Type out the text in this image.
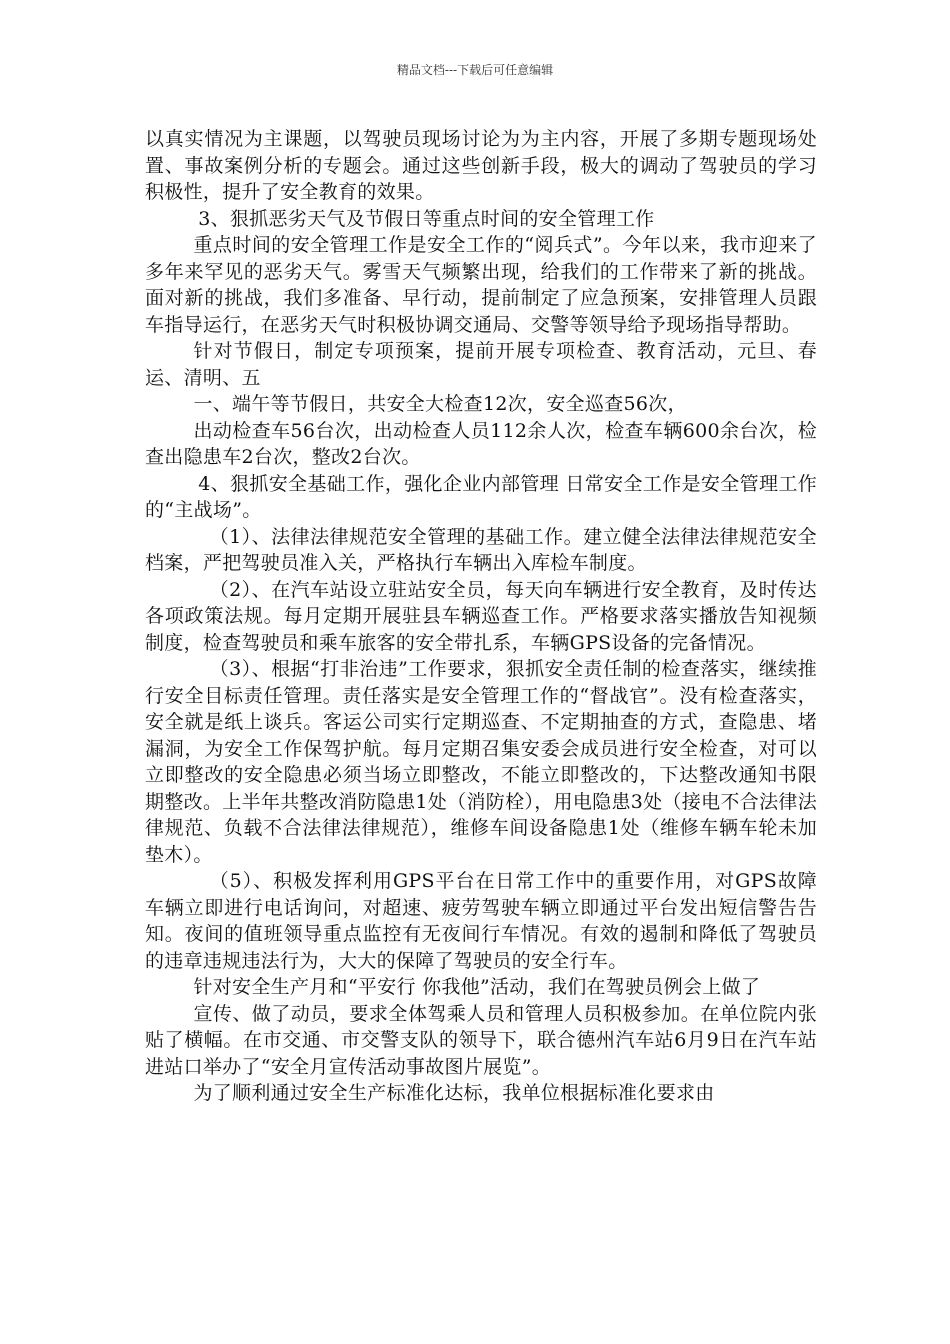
精品文档---下载后可任意编辑

以真实情况为主课题，以驾驶员现场讨论为为主内容，开展了多期专题现场处置、事故案例分析的专题会。通过这些创新手段，极大的调动了驾驶员的学习积极性，提升了安全教育的效果。

3、狠抓恶劣天气及节假日等重点时间的安全管理工作

重点时间的安全管理工作是安全工作的“阅兵式”。今年以来，我市迎来了多年来罕见的恶劣天气。雾雪天气频繁出现，给我们的工作带来了新的挑战。面对新的挑战，我们多准备、早行动，提前制定了应急预案，安排管理人员跟车指导运行，在恶劣天气时积极协调交通局、交警等领导给予现场指导帮助。

针对节假日，制定专项预案，提前开展专项检查、教育活动，元旦、春运、清明、五

一、端午等节假日，共安全大检查12次，安全巡查56次，

出动检查车56台次，出动检查人员112余人次，检查车辆600余台次，检查出隐患车2台次，整改2台次。

4、狠抓安全基础工作，强化企业内部管理 日常安全工作是安全管理工作的“主战场”。

（1）、法律法律规范安全管理的基础工作。建立健全法律法律规范安全档案，严把驾驶员准入关，严格执行车辆出入库检车制度。

（2）、在汽车站设立驻站安全员，每天向车辆进行安全教育，及时传达各项政策法规。每月定期开展驻县车辆巡查工作。严格要求落实播放告知视频制度，检查驾驶员和乘车旅客的安全带扎系，车辆GPS设备的完备情况。

（3）、根据“打非治违”工作要求，狠抓安全责任制的检查落实，继续推行安全目标责任管理。责任落实是安全管理工作的“督战官”。没有检查落实，安全就是纸上谈兵。客运公司实行定期巡查、不定期抽查的方式，查隐患、堵漏洞，为安全工作保驾护航。每月定期召集安委会成员进行安全检查，对可以立即整改的安全隐患必须当场立即整改，不能立即整改的，下达整改通知书限期整改。上半年共整改消防隐患1处（消防栓），用电隐患3处（接电不合法律法律规范、负载不合法律法律规范），维修车间设备隐患1处（维修车辆车轮未加垫木）。

（5）、积极发挥利用GPS平台在日常工作中的重要作用，对GPS故障车辆立即进行电话询问，对超速、疲劳驾驶车辆立即通过平台发出短信警告告知。夜间的值班领导重点监控有无夜间行车情况。有效的遏制和降低了驾驶员的违章违规违法行为，大大的保障了驾驶员的安全行车。

针对安全生产月和“平安行 你我他”活动，我们在驾驶员例会上做了

宣传、做了动员，要求全体驾乘人员和管理人员积极参加。在单位院内张贴了横幅。在市交通、市交警支队的领导下，联合德州汽车站6月9日在汽车站进站口举办了“安全月宣传活动事故图片展览”。

为了顺利通过安全生产标准化达标，我单位根据标准化要求由
